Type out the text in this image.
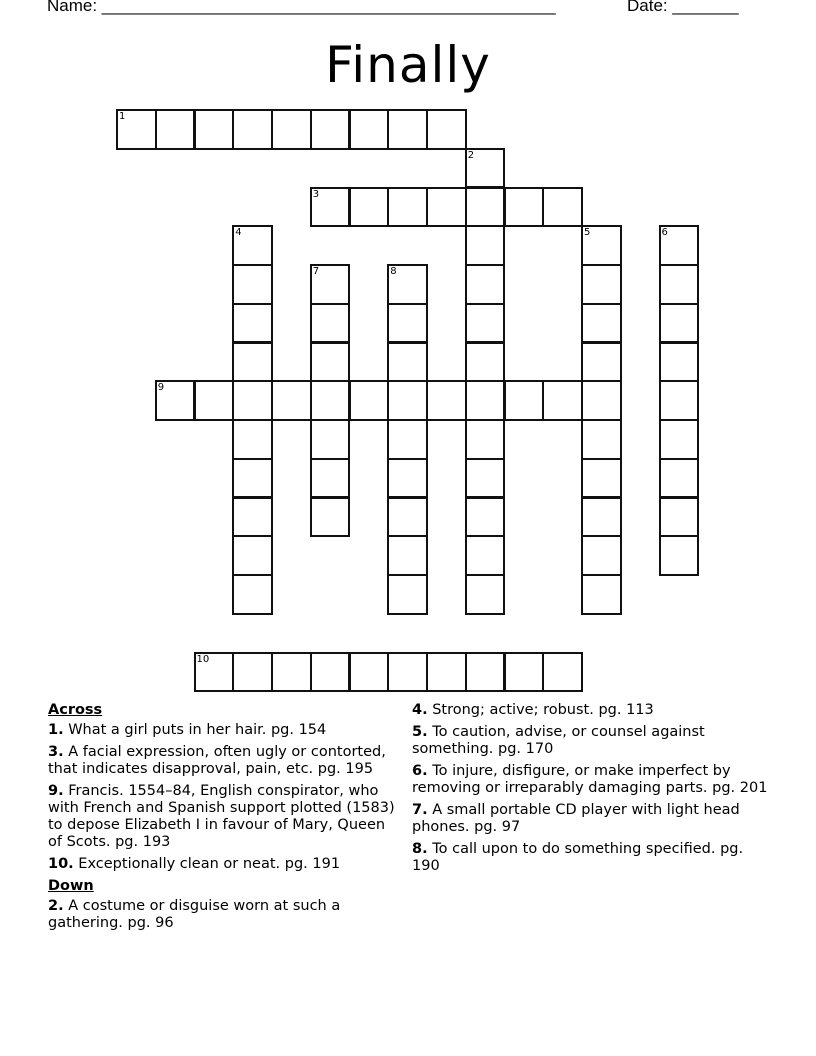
Name: ________________________________________________	Date: _______
Finally
1
2
3
4	5	6
7	8
9
10
Across
1. What a girl puts in her hair. pg. 154
3. A facial expression, often ugly or contorted, that indicates disapproval, pain, etc. pg. 195
9. Francis. 1554–84, English conspirator, who with French and Spanish support plotted (1583) to depose Elizabeth I in favour of Mary, Queen of Scots. pg. 193
10. Exceptionally clean or neat. pg. 191
Down
2. A costume or disguise worn at such a gathering. pg. 96
4. Strong; active; robust. pg. 113
5. To caution, advise, or counsel against something. pg. 170
6. To injure, disfigure, or make imperfect by removing or irreparably damaging parts. pg. 201
7. A small portable CD player with light head phones. pg. 97
8. To call upon to do something specified. pg. 190
